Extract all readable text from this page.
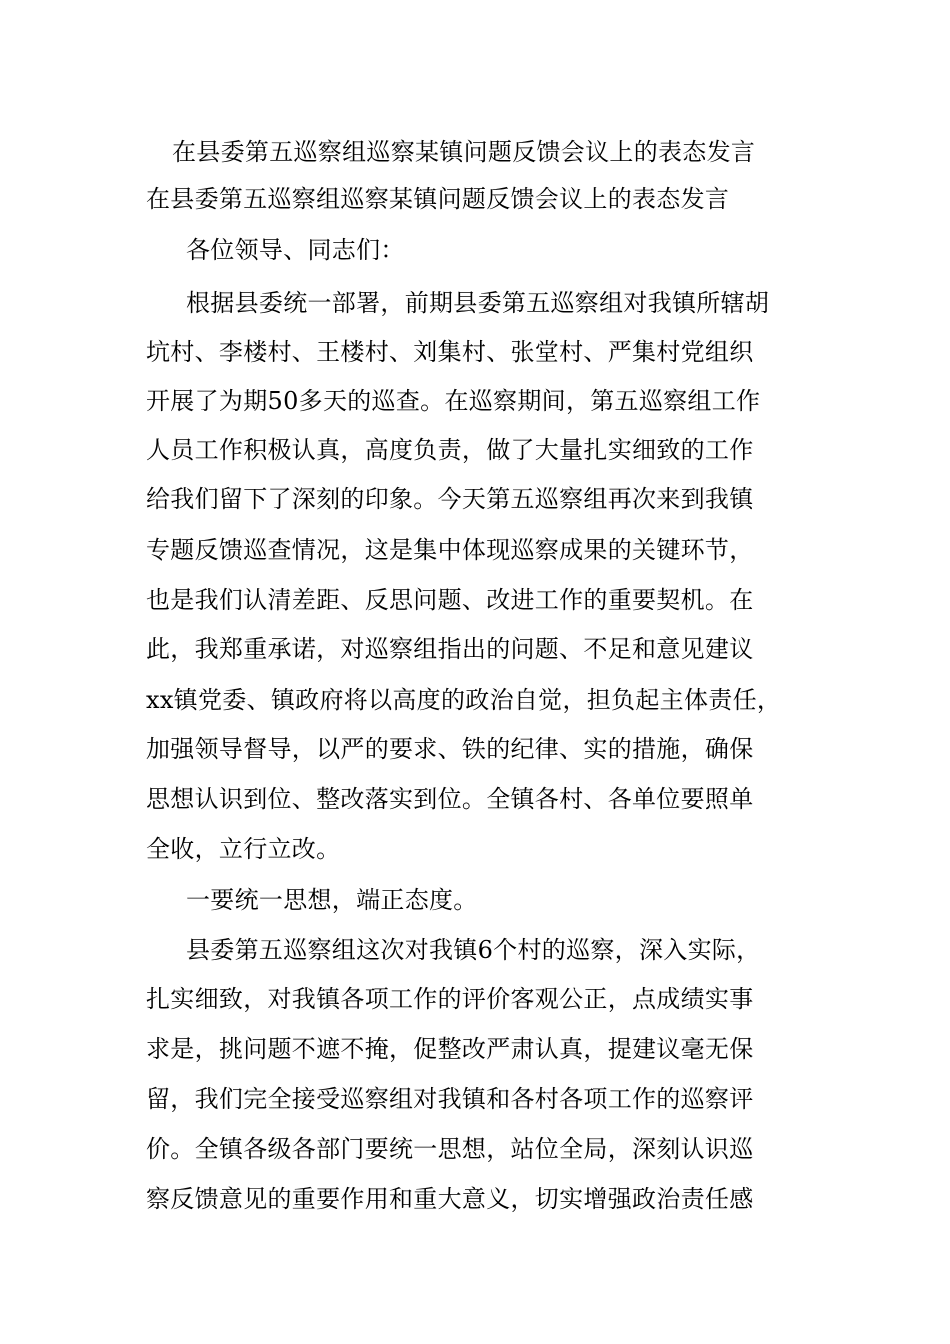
在县委第五巡察组巡察某镇问题反馈会议上的表态发言
在县委第五巡察组巡察某镇问题反馈会议上的表态发言
各位领导、同志们：
根据县委统一部署，前期县委第五巡察组对我镇所辖胡
坑村、李楼村、王楼村、刘集村、张堂村、严集村党组织
开展了为期50多天的巡查。在巡察期间，第五巡察组工作
人员工作积极认真，高度负责，做了大量扎实细致的工作
给我们留下了深刻的印象。今天第五巡察组再次来到我镇
专题反馈巡查情况，这是集中体现巡察成果的关键环节，
也是我们认清差距、反思问题、改进工作的重要契机。在
此，我郑重承诺，对巡察组指出的问题、不足和意见建议
xx镇党委、镇政府将以高度的政治自觉，担负起主体责任，
加强领导督导，以严的要求、铁的纪律、实的措施，确保
思想认识到位、整改落实到位。全镇各村、各单位要照单
全收，立行立改。
一要统一思想，端正态度。
县委第五巡察组这次对我镇6个村的巡察，深入实际，
扎实细致，对我镇各项工作的评价客观公正，点成绩实事
求是，挑问题不遮不掩，促整改严肃认真，提建议毫无保
留，我们完全接受巡察组对我镇和各村各项工作的巡察评
价。全镇各级各部门要统一思想，站位全局，深刻认识巡
察反馈意见的重要作用和重大意义，切实增强政治责任感
